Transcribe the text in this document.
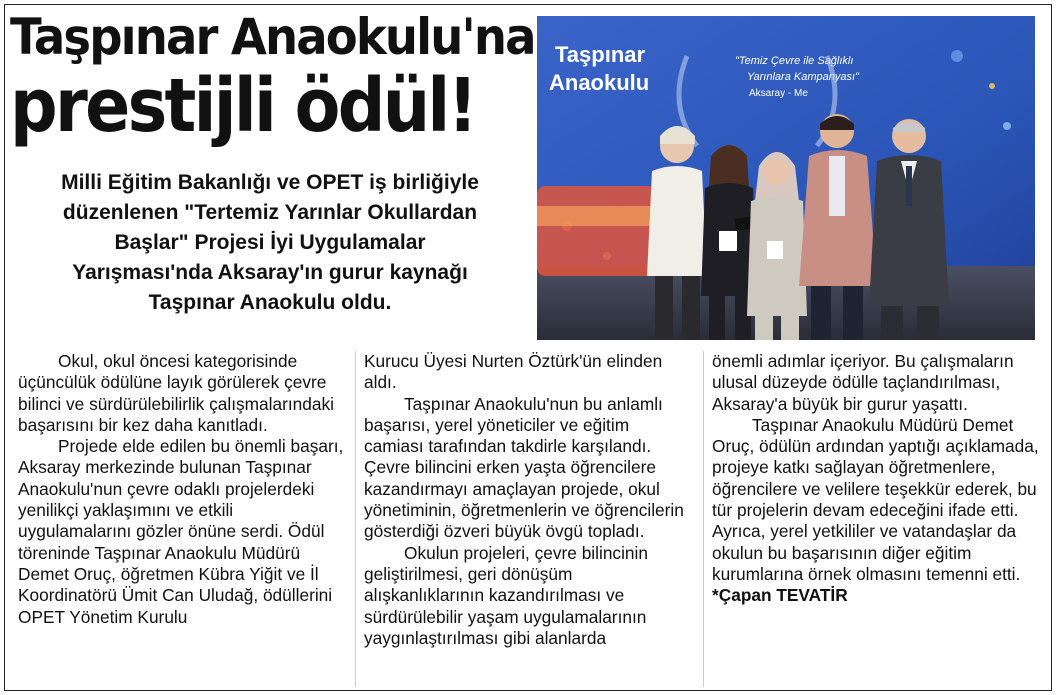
Taşpınar Anaokulu'na
prestijli ödül!
Milli Eğitim Bakanlığı ve OPET iş birliğiyle
düzenlenen "Tertemiz Yarınlar Okullardan
Başlar" Projesi İyi Uygulamalar
Yarışması'nda Aksaray'ın gurur kaynağı
Taşpınar Anaokulu oldu.
Taşpınar
Anaokulu
"Temiz Çevre ile Sağlıklı
Yarınlara Kampanyası"
Aksaray - Me

Okul, okul öncesi kategorisinde üçüncülük ödülüne layık görülerek çevre bilinci ve sürdürülebilirlik çalışmalarındaki başarısını bir kez daha kanıtladı.

Projede elde edilen bu önemli başarı, Aksaray merkezinde bulunan Taşpınar Anaokulu'nun çevre odaklı projelerdeki yenilikçi yaklaşımını ve etkili uygulamalarını gözler önüne serdi. Ödül töreninde Taşpınar Anaokulu Müdürü Demet Oruç, öğretmen Kübra Yiğit ve İl Koordinatörü Ümit Can Uludağ, ödüllerini OPET Yönetim Kurulu

Kurucu Üyesi Nurten Öztürk'ün elinden aldı.

Taşpınar Anaokulu'nun bu anlamlı başarısı, yerel yöneticiler ve eğitim camiası tarafından takdirle karşılandı. Çevre bilincini erken yaşta öğrencilere kazandırmayı amaçlayan projede, okul yönetiminin, öğretmenlerin ve öğrencilerin gösterdiği özveri büyük övgü topladı.

Okulun projeleri, çevre bilincinin geliştirilmesi, geri dönüşüm alışkanlıklarının kazandırılması ve sürdürülebilir yaşam uygulamalarının yaygınlaştırılması gibi alanlarda

önemli adımlar içeriyor. Bu çalışmaların ulusal düzeyde ödülle taçlandırılması, Aksaray'a büyük bir gurur yaşattı.

Taşpınar Anaokulu Müdürü Demet Oruç, ödülün ardından yaptığı açıklamada, projeye katkı sağlayan öğretmenlere, öğrencilere ve velilere teşekkür ederek, bu tür projelerin devam edeceğini ifade etti. Ayrıca, yerel yetkililer ve vatandaşlar da okulun bu başarısının diğer eğitim kurumlarına örnek olmasını temenni etti.

*Çapan TEVATİR
